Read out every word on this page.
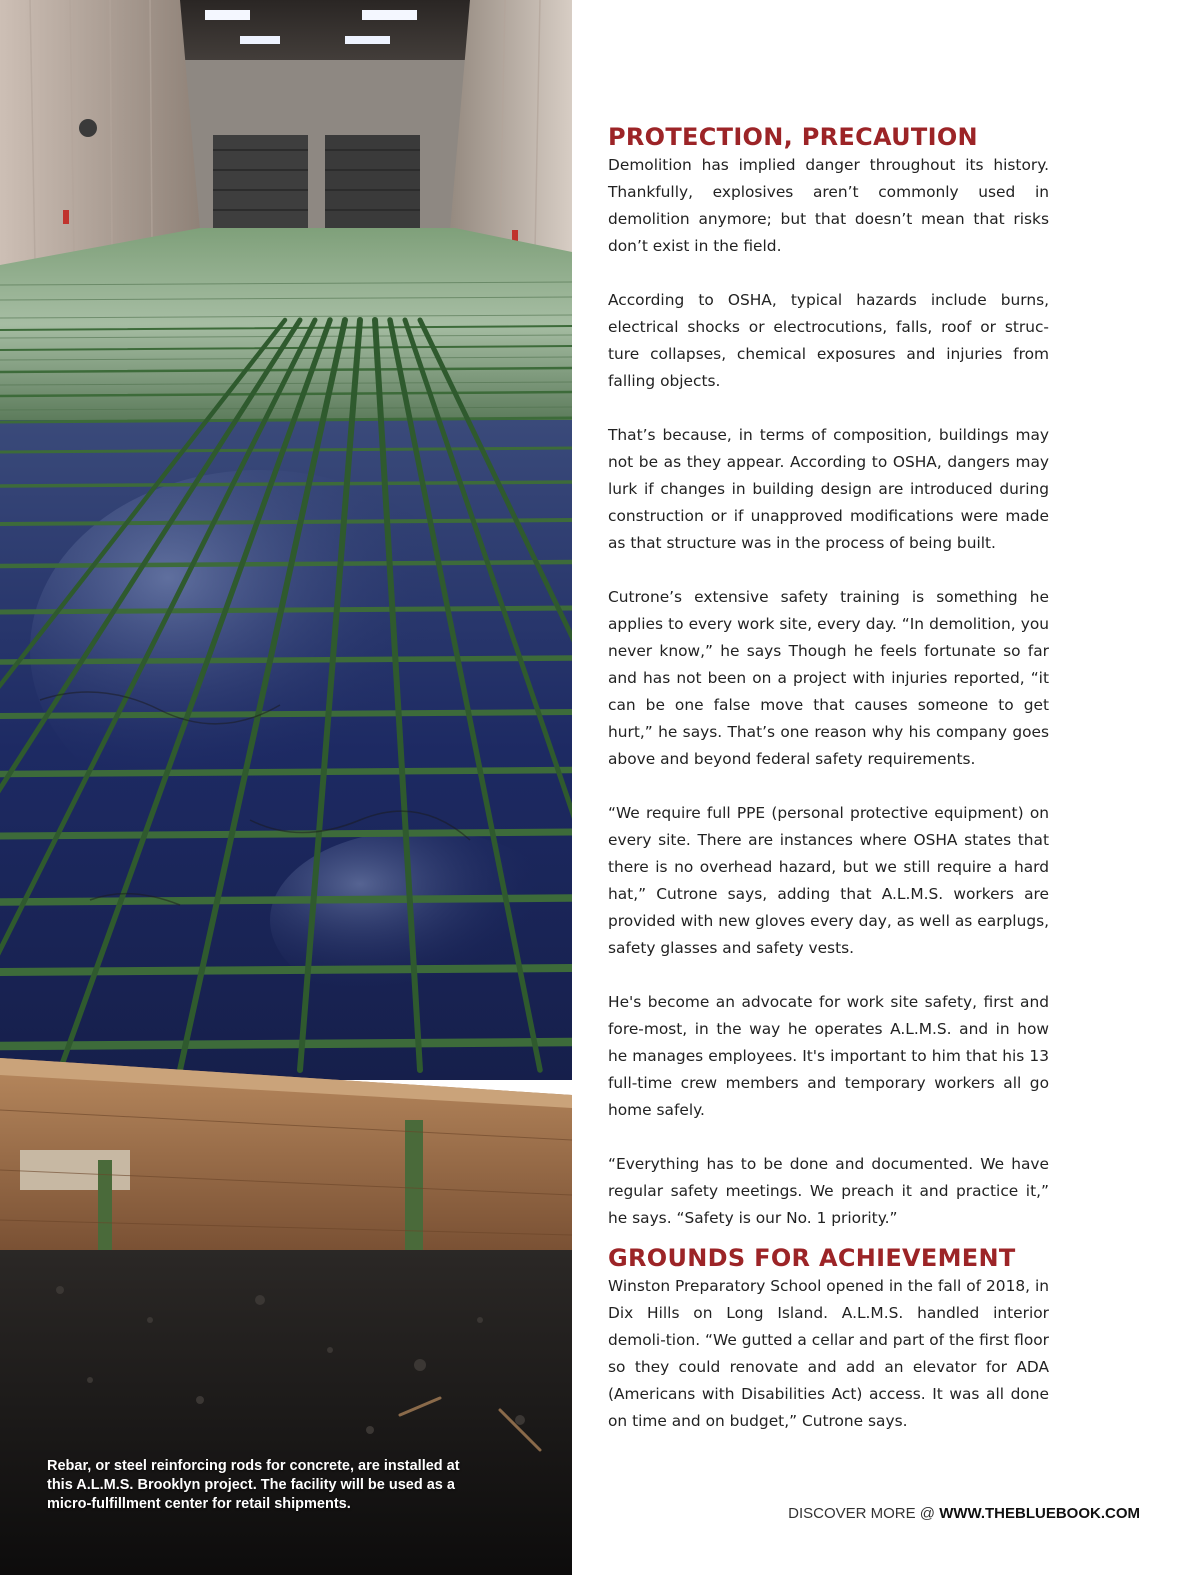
Rebar, or steel reinforcing rods for concrete, are installed at this A.L.M.S. Brooklyn project. The facility will be used as a micro-fulfillment center for retail shipments.
PROTECTION, PRECAUTION

Demolition has implied danger throughout its history. Thankfully, explosives aren’t commonly used in demolition anymore; but that doesn’t mean that risks don’t exist in the field.

According to OSHA, typical hazards include burns, electrical shocks or electrocutions, falls, roof or struc-ture collapses, chemical exposures and injuries from falling objects.

That’s because, in terms of composition, buildings may not be as they appear. According to OSHA, dangers may lurk if changes in building design are introduced during construction or if unapproved modifications were made as that structure was in the process of being built.

Cutrone’s extensive safety training is something he applies to every work site, every day. “In demolition, you never know,” he says Though he feels fortunate so far and has not been on a project with injuries reported, “it can be one false move that causes someone to get hurt,” he says. That’s one reason why his company goes above and beyond federal safety requirements.

“We require full PPE (personal protective equipment) on every site. There are instances where OSHA states that there is no overhead hazard, but we still require a hard hat,” Cutrone says, adding that A.L.M.S. workers are provided with new gloves every day, as well as earplugs, safety glasses and safety vests.

He's become an advocate for work site safety, first and fore-most, in the way he operates A.L.M.S. and in how he manages employees. It's important to him that his 13 full-time crew members and temporary workers all go home safely.

“Everything has to be done and documented. We have regular safety meetings. We preach it and practice it,” he says. “Safety is our No. 1 priority.”

GROUNDS FOR ACHIEVEMENT

Winston Preparatory School opened in the fall of 2018, in Dix Hills on Long Island. A.L.M.S. handled interior demoli-tion. “We gutted a cellar and part of the first floor so they could renovate and add an elevator for ADA (Americans with Disabilities Act) access. It was all done on time and on budget,” Cutrone says.

DISCOVER MORE @ WWW.THEBLUEBOOK.COM
